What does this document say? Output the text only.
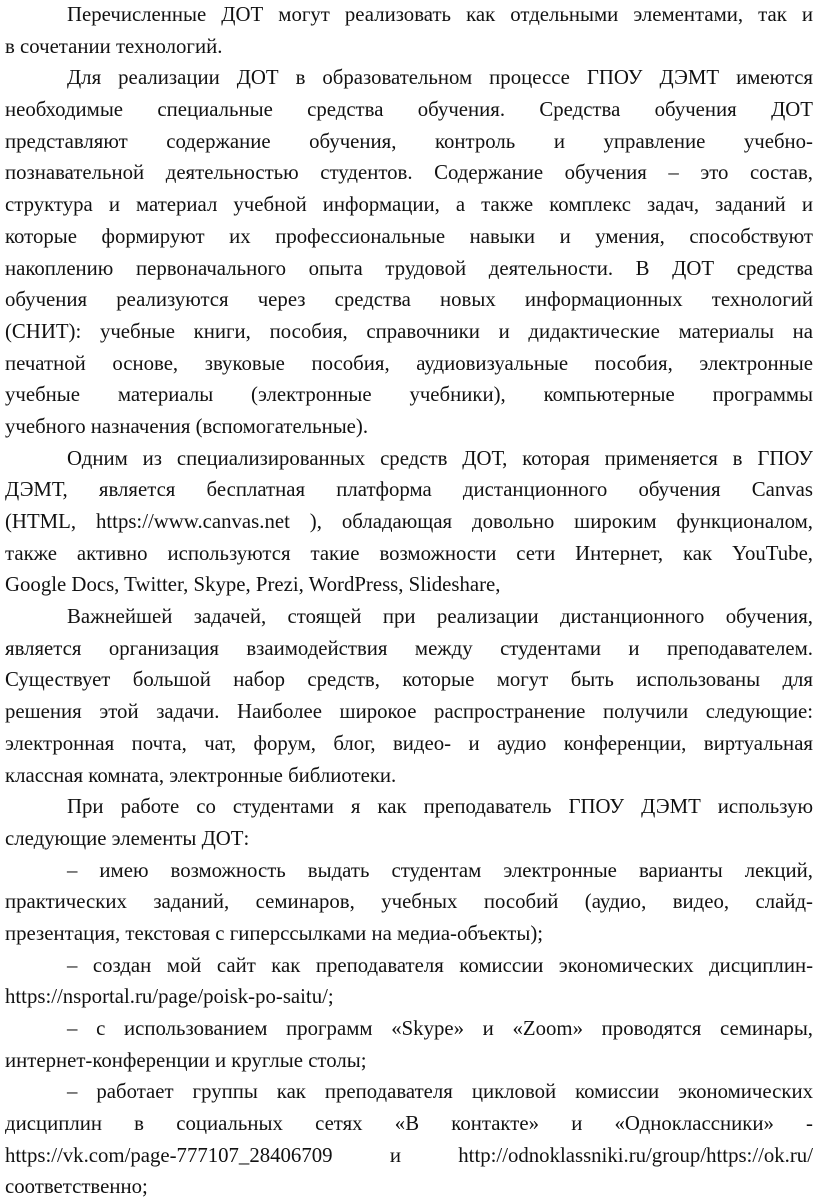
Перечисленные ДОТ могут реализовать как отдельными элементами, так и
в сочетании технологий.
Для реализации ДОТ в образовательном процессе ГПОУ ДЭМТ имеются
необходимые специальные средства обучения. Средства обучения ДОТ
представляют содержание обучения, контроль и управление учебно-
познавательной деятельностью студентов. Содержание обучения – это состав,
структура и материал учебной информации, а также комплекс задач, заданий и
которые формируют их профессиональные навыки и умения, способствуют
накоплению первоначального опыта трудовой деятельности. В ДОТ средства
обучения реализуются через средства новых информационных технологий
(СНИТ): учебные книги, пособия, справочники и дидактические материалы на
печатной основе, звуковые пособия, аудиовизуальные пособия, электронные
учебные материалы (электронные учебники), компьютерные программы
учебного назначения (вспомогательные).
Одним из специализированных средств ДОТ, которая применяется в ГПОУ
ДЭМТ, является бесплатная платформа дистанционного обучения Canvas
(HTML, https://www.canvas.net ), обладающая довольно широким функционалом,
также активно используются такие возможности сети Интернет, как YouTube,
Google Docs, Twitter, Skype, Prezi, WordPress, Slideshare,
Важнейшей задачей, стоящей при реализации дистанционного обучения,
является организация взаимодействия между студентами и преподавателем.
Существует большой набор средств, которые могут быть использованы для
решения этой задачи. Наиболее широкое распространение получили следующие:
электронная почта, чат, форум, блог, видео- и аудио конференции, виртуальная
классная комната, электронные библиотеки.
При работе со студентами я как преподаватель ГПОУ ДЭМТ использую
следующие элементы ДОТ:
– имею возможность выдать студентам электронные варианты лекций,
практических заданий, семинаров, учебных пособий (аудио, видео, слайд-
презентация, текстовая с гиперссылками на медиа-объекты);
– создан мой сайт как преподавателя комиссии экономических дисциплин-
https://nsportal.ru/page/poisk-po-saitu/;
– с использованием программ «Skype» и «Zoom» проводятся семинары,
интернет-конференции и круглые столы;
– работает группы как преподавателя цикловой комиссии экономических
дисциплин в социальных сетях «В контакте» и «Одноклассники» -
https://vk.com/page-777107_28406709 и http://odnoklassniki.ru/group/https://ok.ru/
соответственно;
